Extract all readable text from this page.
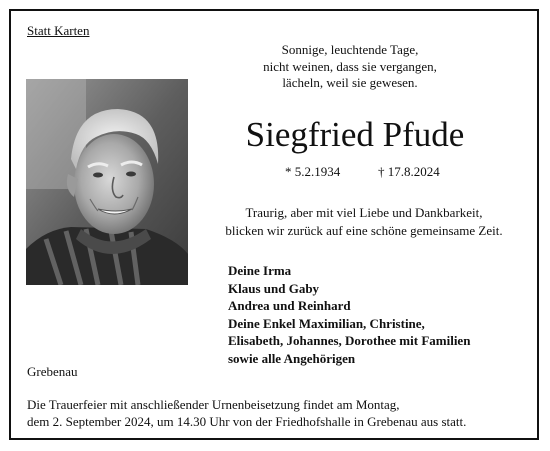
Statt Karten
Sonnige, leuchtende Tage,
nicht weinen, dass sie vergangen,
lächeln, weil sie gewesen.
Siegfried Pfude
* 5.2.1934	† 17.8.2024
Traurig, aber mit viel Liebe und Dankbarkeit,
blicken wir zurück auf eine schöne gemeinsame Zeit.
Deine Irma
Klaus und Gaby
Andrea und Reinhard
Deine Enkel Maximilian, Christine,
Elisabeth, Johannes, Dorothee mit Familien
sowie alle Angehörigen
Grebenau
Die Trauerfeier mit anschließender Urnenbeisetzung findet am Montag,
dem 2. September 2024, um 14.30 Uhr von der Friedhofshalle in Grebenau aus statt.
